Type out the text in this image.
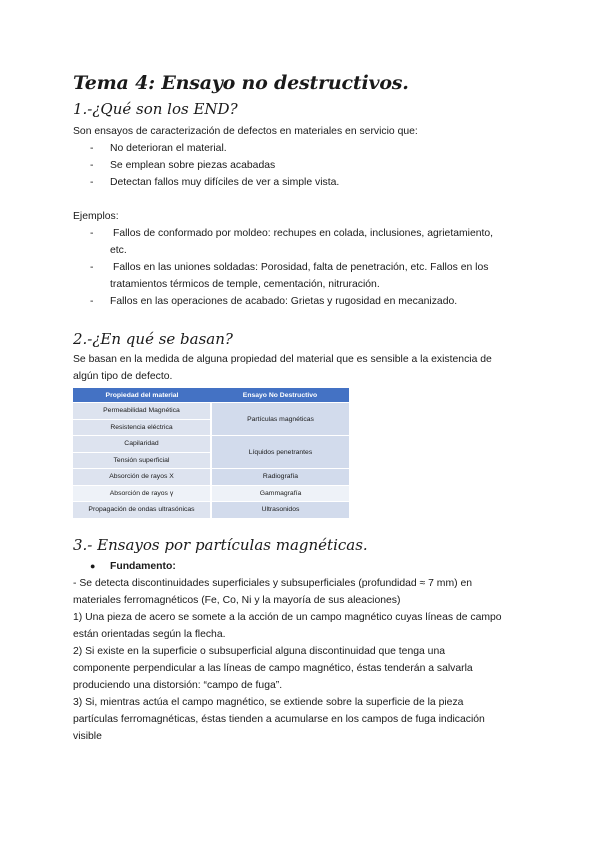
Tema 4: Ensayo no destructivos.
1.-¿Qué son los END?

Son ensayos de caracterización de defectos en materiales en servicio que:

- No deterioran el material.

- Se emplean sobre piezas acabadas

- Detectan fallos muy difíciles de ver a simple vista.

Ejemplos:

- Fallos de conformado por moldeo: rechupes en colada, inclusiones, agrietamiento,

etc.

- Fallos en las uniones soldadas: Porosidad, falta de penetración, etc. Fallos en los

tratamientos térmicos de temple, cementación, nitruración.

- Fallos en las operaciones de acabado: Grietas y rugosidad en mecanizado.

2.-¿En qué se basan?

Se basan en la medida de alguna propiedad del material que es sensible a la existencia de

algún tipo de defecto.

Propiedad del material	Ensayo No Destructivo
Permeabilidad Magnética	Partículas magnéticas
Resistencia eléctrica	
Capilaridad	Líquidos penetrantes
Tensión superficial	
Absorción de rayos X	Radiografía
Absorción de rayos γ	Gammagrafía
Propagación de ondas ultrasónicas	Ultrasonidos
3.- Ensayos por partículas magnéticas.
● Fundamento:

- Se detecta discontinuidades superficiales y subsuperficiales (profundidad ≈ 7 mm) en

materiales ferromagnéticos (Fe, Co, Ni y la mayoría de sus aleaciones)

1) Una pieza de acero se somete a la acción de un campo magnético cuyas líneas de campo

están orientadas según la flecha.

2) Si existe en la superficie o subsuperficial alguna discontinuidad que tenga una

componente perpendicular a las líneas de campo magnético, éstas tenderán a salvarla

produciendo una distorsión: “campo de fuga”.

3) Si, mientras actúa el campo magnético, se extiende sobre la superficie de la pieza

partículas ferromagnéticas, éstas tienden a acumularse en los campos de fuga indicación

visible
